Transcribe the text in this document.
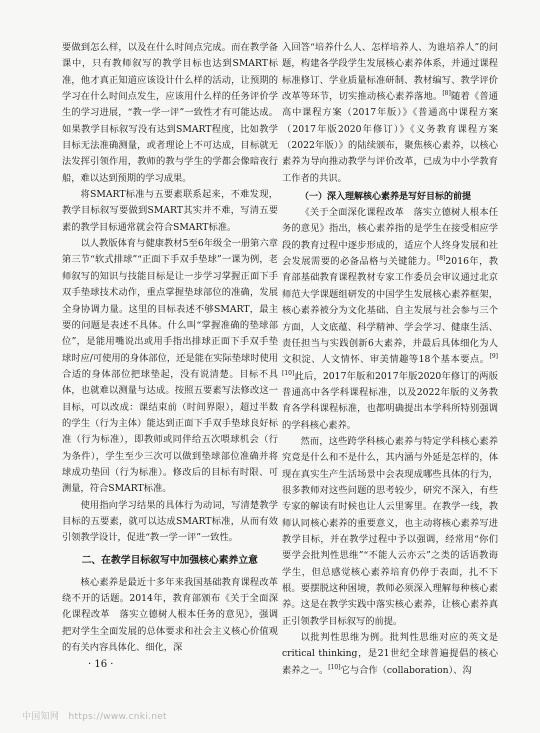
要做到怎么样，以及在什么时间点完成。而在教学备课中，只有教师叙写的教学目标也达到SMART标准，他才真正知道应该设计什么样的活动，让预期的学习在什么时间点发生，应该用什么样的任务评价学生的学习进展，“教一学一评”一致性才有可能达成。如果教学目标叙写没有达到SMART程度，比如教学目标无法准确测量，或者理论上不可达成，目标就无法发挥引领作用，教师的教与学生的学都会像暗夜行船，难以达到预期的学习成果。

将SMART标准与五要素联系起来，不难发现，教学目标叙写要做到SMART其实并不难，写清五要素的教学目标通常就会符合SMART标准。

以人教版体育与健康教材5至6年级全一册第六章第三节“软式排球”“正面下手双手垫球”一课为例，老师叙写的知识与技能目标是让一步学习掌握正面下手双手垫球技术动作，重点掌握垫球部位的准确，发展全身协调力量。这里的目标表述不够SMART，最主要的问题是表述不具体。什么叫“掌握准确的垫球部位”，是能用嘴说出或用手指出排球正面下手双手垫球时应/可使用的身体部位，还是能在实际垫球时使用合适的身体部位把球垫起，没有说清楚。目标不具体，也就难以测量与达成。按照五要素写法修改这一目标，可以改成：课结束前（时间界限），超过半数的学生（行为主体）能达到正面下手双手垫球良好标准（行为标准），即教师或同伴给五次喂球机会（行为条件），学生至少三次可以做到垫球部位准确并将球成功垫回（行为标准）。修改后的目标有时限、可测量，符合SMART标准。

使用指向学习结果的具体行为动词，写清楚教学目标的五要素，就可以达成SMART标准，从而有效引领教学设计，促进“教一学一评”一致性。

二、在教学目标叙写中加强核心素养立意

核心素养是最近十多年来我国基础教育课程改革绕不开的话题。2014年，教育部颁布《关于全面深化课程改革　落实立德树人根本任务的意见》，强调把对学生全面发展的总体要求和社会主义核心价值观的有关内容具体化、细化，深

入回答“培养什么人、怎样培养人、为谁培养人”的问题，构建各学段学生发展核心素养体系，并通过课程标准修订、学业质量标准研制、教材编写、教学评价改革等环节，切实推动核心素养落地。[8]随着《普通高中课程方案（2017年版）》《普通高中课程方案（2017年版2020年修订）》《义务教育课程方案（2022年版）》的陆续颁布，聚焦核心素养，以核心素养为导向推动教学与评价改革，已成为中小学教育工作者的共识。

（一）深入理解核心素养是写好目标的前提

《关于全面深化课程改革　落实立德树人根本任务的意见》指出，核心素养指的是学生在接受相应学段的教育过程中逐步形成的，适应个人终身发展和社会发展需要的必备品格与关键能力。[8]2016年，教育部基础教育课程教材专家工作委员会审议通过北京师范大学课题组研发的中国学生发展核心素养框架，核心素养被分为文化基础、自主发展与社会参与三个方面，人文底蕴、科学精神、学会学习、健康生活、责任担当与实践创新6大素养，并最后具体细化为人文积淀、人文情怀、审美情趣等18个基本要点。[9][10]此后，2017年版和2017年版2020年修订的两版普通高中各学科课程标准，以及2022年版的义务教育各学科课程标准，也都明确提出本学科所特别强调的学科核心素养。

然而，这些跨学科核心素养与特定学科核心素养究竟是什么和不是什么，其内涵与外延是怎样的，体现在真实生产生活场景中会表现成哪些具体的行为，很多教师对这些问题的思考较少，研究不深入，有些专家的解读有时候也让人云里雾里。在教学一线，教师认同核心素养的重要意义，也主动将核心素养写进教学目标，并在教学过程中予以强调，经常用“你们要学会批判性思维”“不能人云亦云”之类的话语教诲学生，但总感觉核心素养培育仍停于表面，扎不下根。要摆脱这种困境，教师必须深入理解每种核心素养。这是在教学实践中落实核心素养，让核心素养真正引领教学目标叙写的前提。

以批判性思维为例。批判性思维对应的英文是critical thinking，是21世纪全球普遍提倡的核心素养之一。[10]它与合作（collaboration）、沟

· 16 ·
中国知网　https://www.cnki.net
